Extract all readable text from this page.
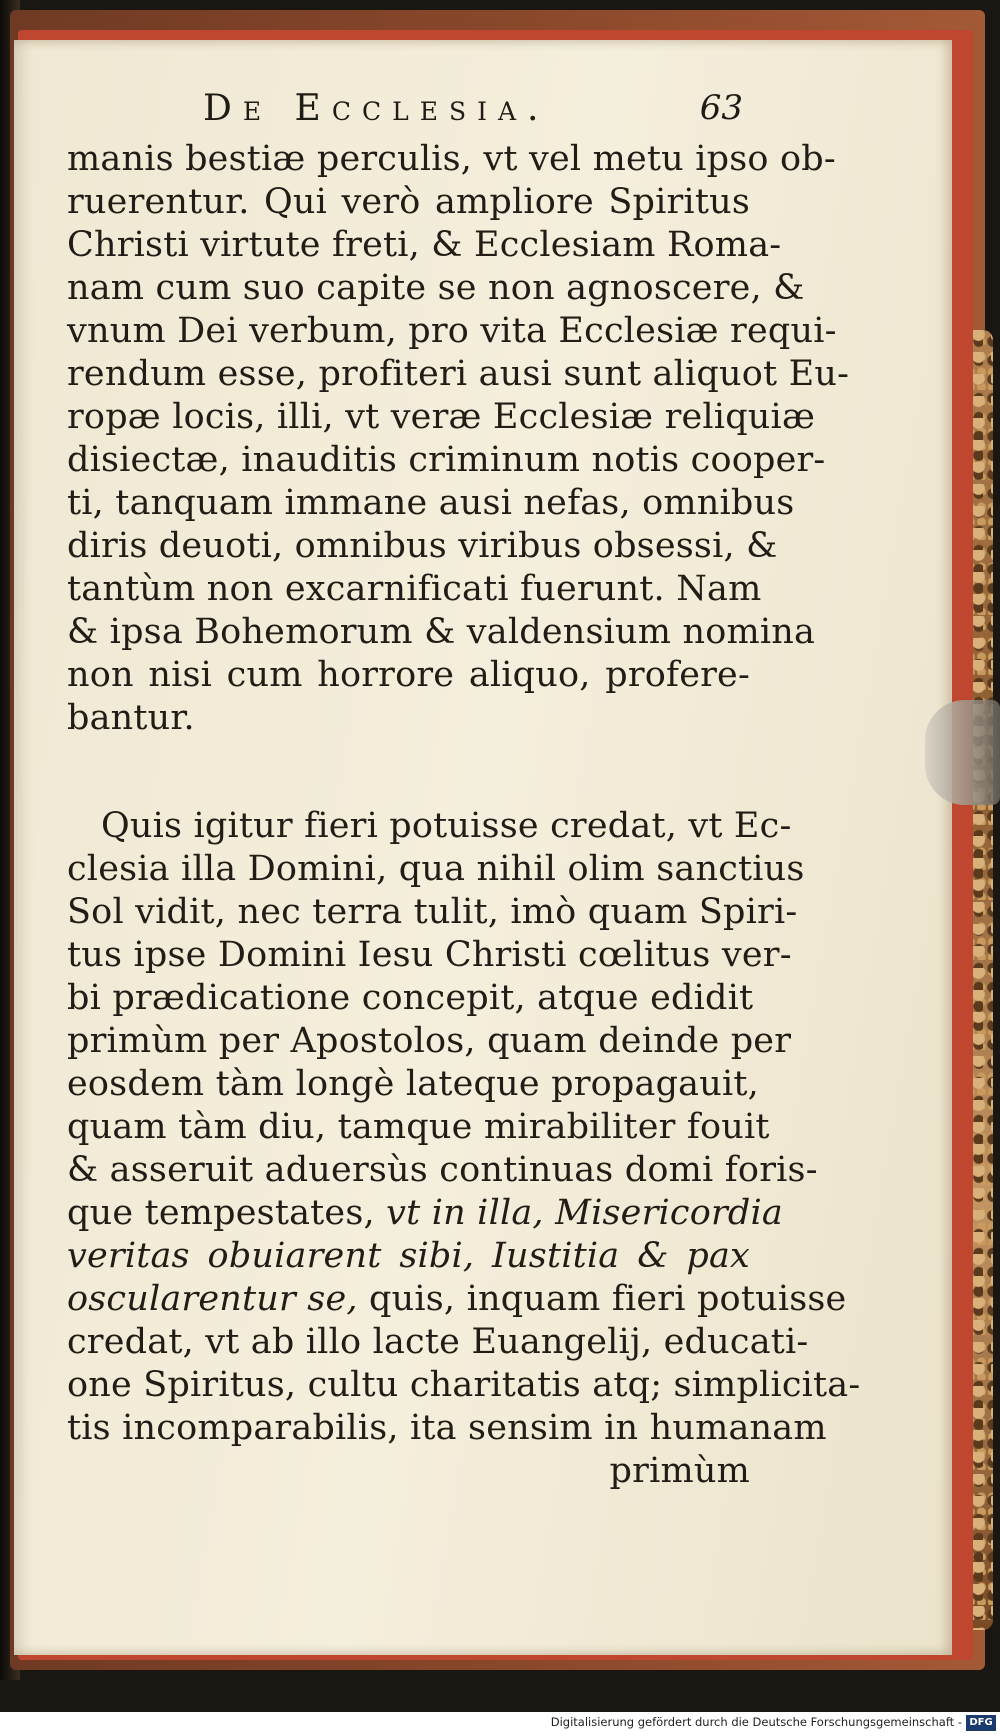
De Ecclesia.	63
manis bestiæ perculis, vt vel metu ipso ob-
ruerentur. Qui verò ampliore Spiritus
Christi virtute freti, & Ecclesiam Roma-
nam cum suo capite se non agnoscere, &
vnum Dei verbum, pro vita Ecclesiæ requi-
rendum esse, profiteri ausi sunt aliquot Eu-
ropæ locis, illi, vt veræ Ecclesiæ reliquiæ
disiectæ, inauditis criminum notis cooper-
ti, tanquam immane ausi nefas, omnibus
diris deuoti, omnibus viribus obsessi, &
tantùm non excarnificati fuerunt. Nam
& ipsa Bohemorum & valdensium nomina
non nisi cum horrore aliquo, profere-
bantur.
Quis igitur fieri potuisse credat, vt Ec-
clesia illa Domini, qua nihil olim sanctius
Sol vidit, nec terra tulit, imò quam Spiri-
tus ipse Domini Iesu Christi cœlitus ver-
bi prædicatione concepit, atque edidit
primùm per Apostolos, quam deinde per
eosdem tàm longè lateque propagauit,
quam tàm diu, tamque mirabiliter fouit
& asseruit aduersùs continuas domi foris-
que tempestates, vt in illa, Misericordia
veritas obuiarent sibi, Iustitia & pax
oscularentur se, quis, inquam fieri potuisse
credat, vt ab illo lacte Euangelij, educati-
one Spiritus, cultu charitatis atq; simplicita-
tis incomparabilis, ita sensim in humanam
primùm
Digitalisierung gefördert durch die Deutsche Forschungsgemeinschaft - DFG
